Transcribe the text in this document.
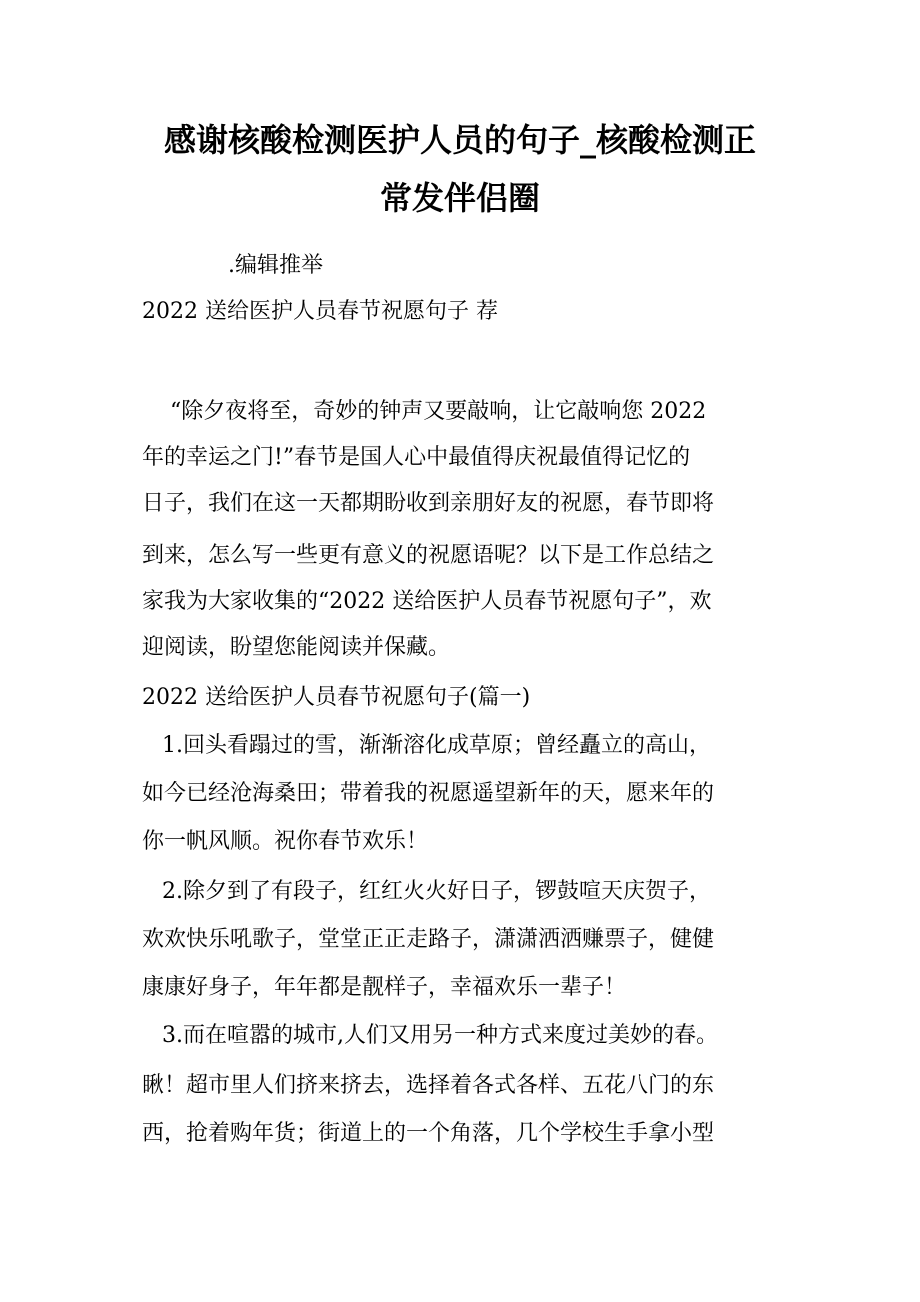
感谢核酸检测医护人员的句子_核酸检测正
常发伴侣圈
.编辑推举
2022 送给医护人员春节祝愿句子 荐
“除夕夜将至，奇妙的钟声又要敲响，让它敲响您 2022
年的幸运之门!”春节是国人心中最值得庆祝最值得记忆的
日子，我们在这一天都期盼收到亲朋好友的祝愿，春节即将
到来，怎么写一些更有意义的祝愿语呢？以下是工作总结之
家我为大家收集的“2022 送给医护人员春节祝愿句子”，欢
迎阅读，盼望您能阅读并保藏。
2022 送给医护人员春节祝愿句子(篇一)
1.回头看蹋过的雪，渐渐溶化成草原；曾经矗立的高山，
如今已经沧海桑田；带着我的祝愿遥望新年的天，愿来年的
你一帆风顺。祝你春节欢乐！
2.除夕到了有段子，红红火火好日子，锣鼓喧天庆贺子，
欢欢快乐吼歌子，堂堂正正走路子，潇潇洒洒赚票子，健健
康康好身子，年年都是靓样子，幸福欢乐一辈子！
3.而在喧嚣的城市,人们又用另一种方式来度过美妙的春。
瞅！超市里人们挤来挤去，选择着各式各样、五花八门的东
西，抢着购年货；街道上的一个角落，几个学校生手拿小型
